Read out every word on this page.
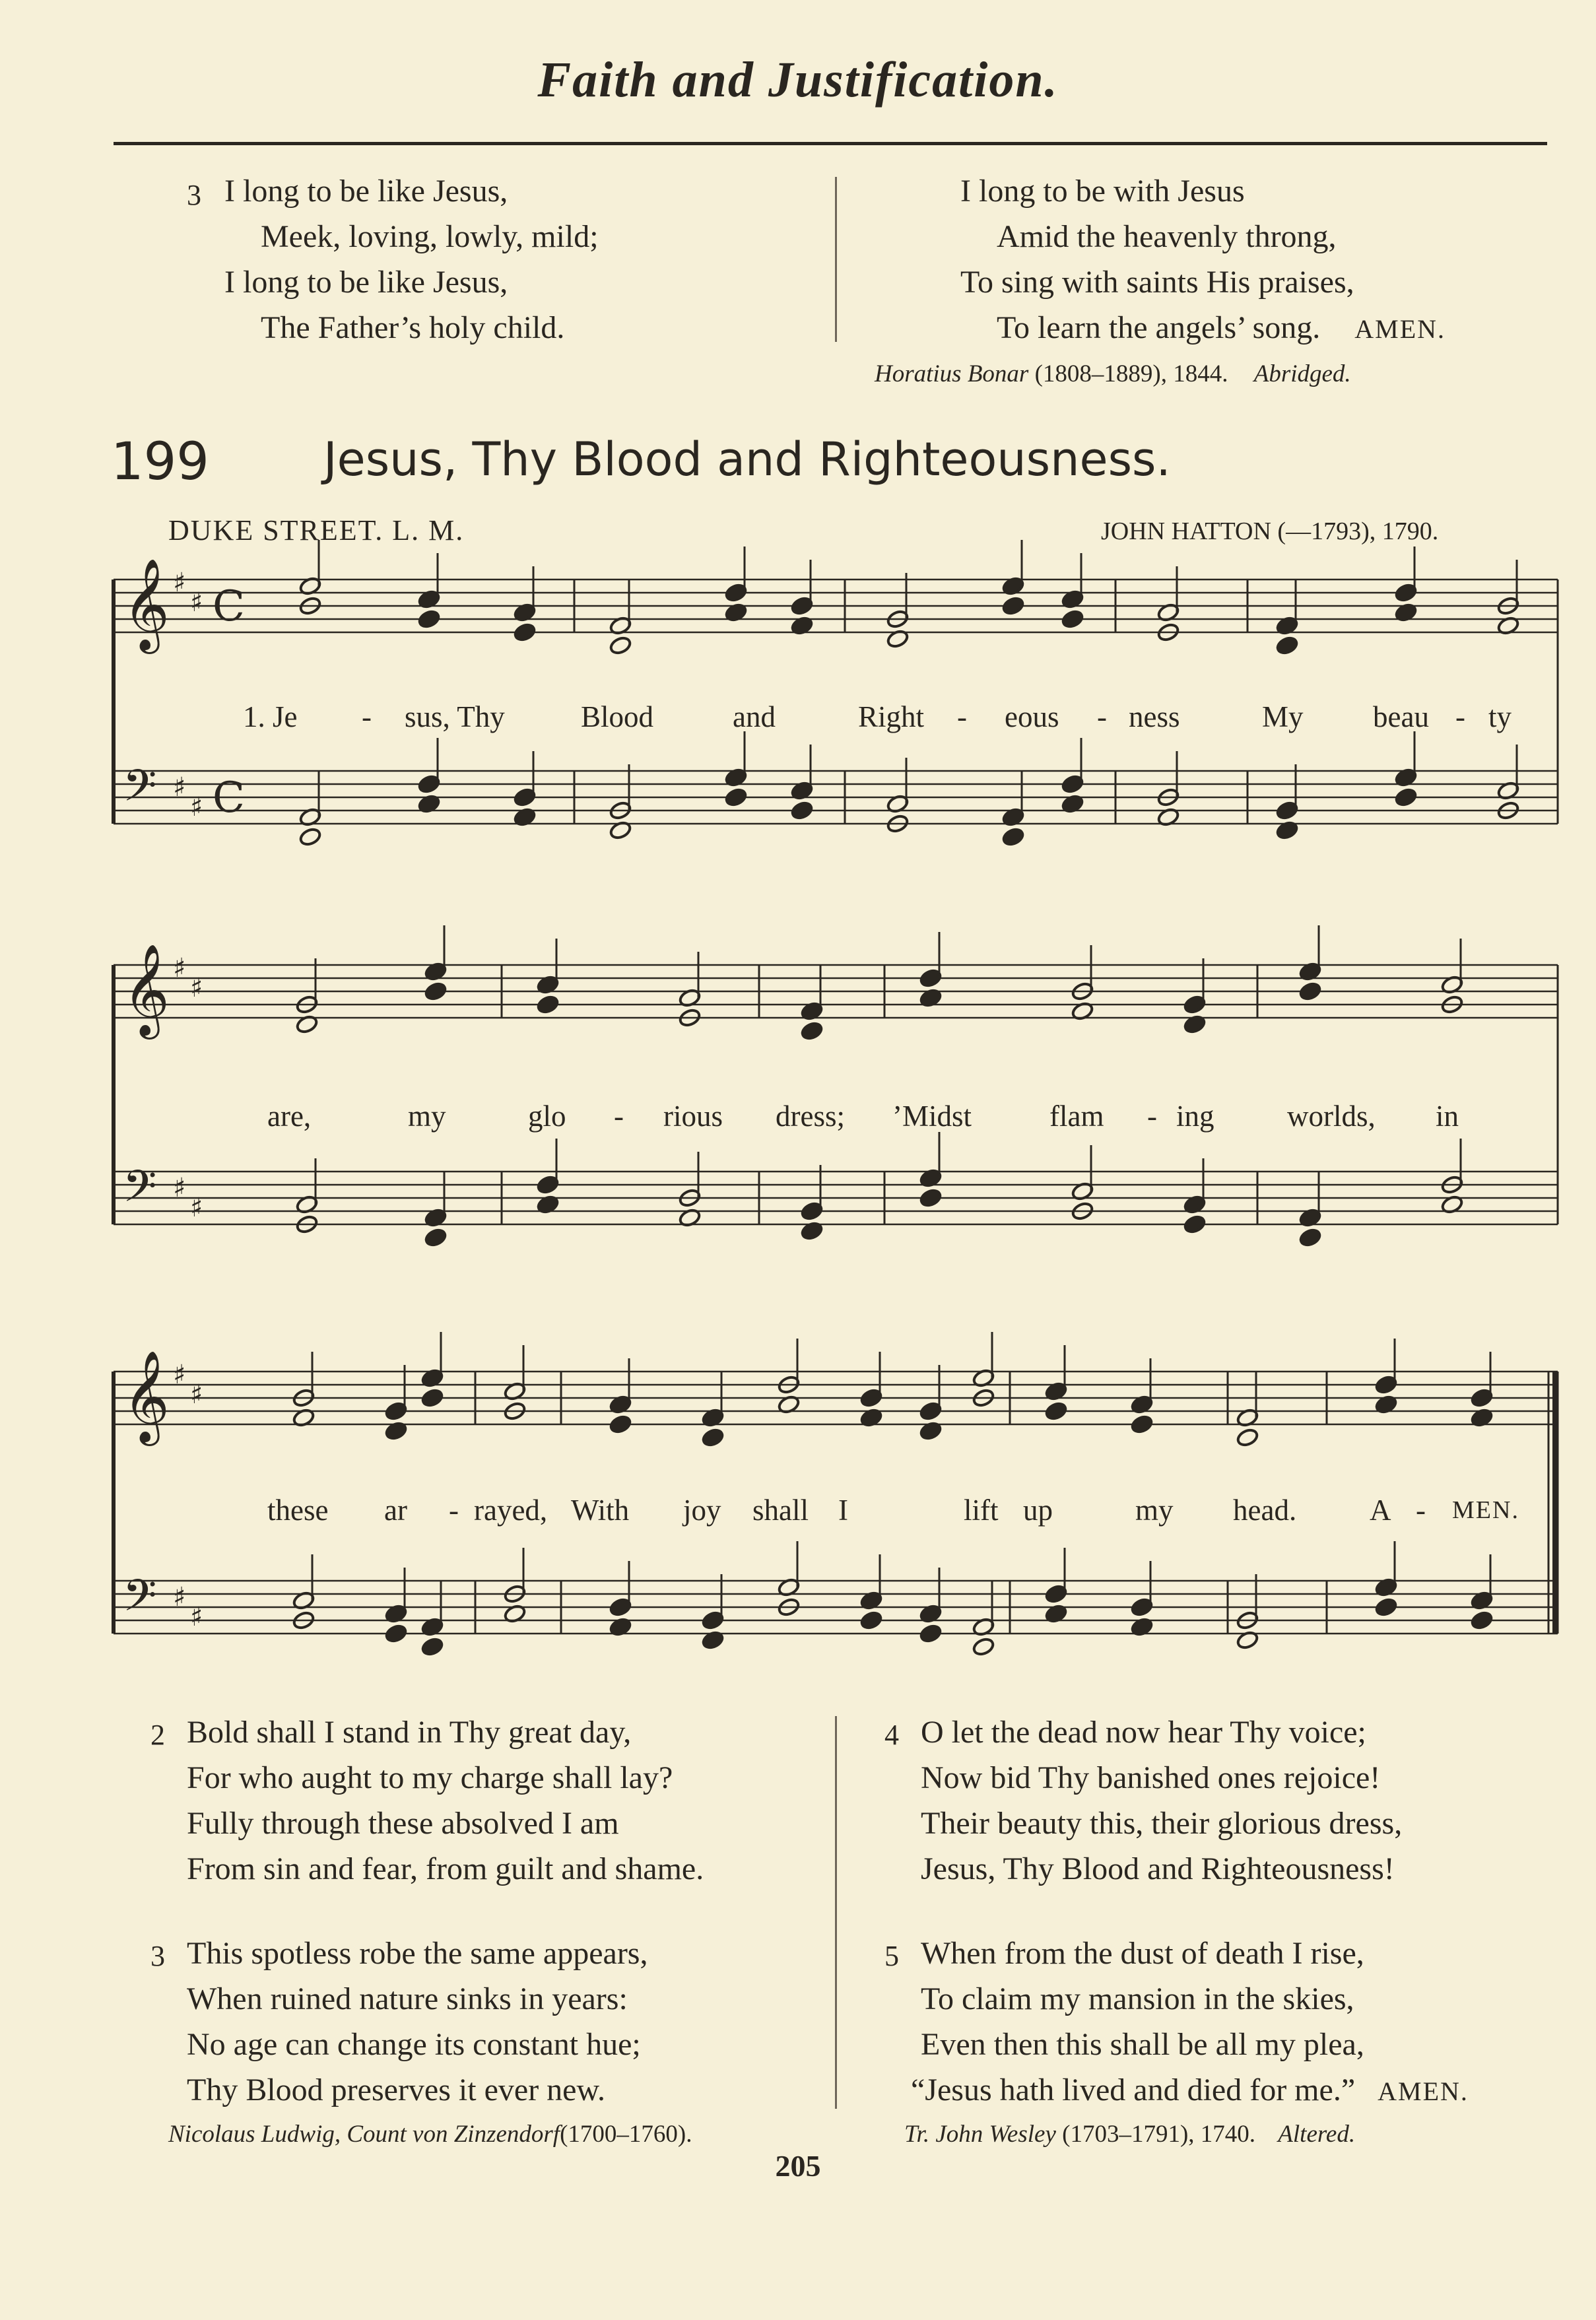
Faith and Justification.
3 I long to be like Jesus,
Meek, loving, lowly, mild;
I long to be like Jesus,
The Father’s holy child.
I long to be with Jesus
Amid the heavenly throng,
To sing with saints His praises,
To learn the angels’ song. AMEN.
Horatius Bonar (1808–1889), 1844. Abridged.
199 Jesus, Thy Blood and Righteousness.
DUKE STREET. L. M.	JOHN HATTON (—1793), 1790.
𝄞 ♯
♯ C
𝄢 ♯
♯ C
𝄞 ♯
♯
𝄢 ♯
♯
𝄞 ♯
♯
𝄢 ♯
♯
1. Je - sus, Thy	Blood	and	Right - eous - ness	My beau - ty
are,	my	glo - rious dress; ’Midst	flam - ing worlds, in
these ar - rayed, With joy shall I	lift up	my head. A - MEN.
2 Bold shall I stand in Thy great day,
For who aught to my charge shall lay?
Fully through these absolved I am
From sin and fear, from guilt and shame.
3 This spotless robe the same appears,
When ruined nature sinks in years:
No age can change its constant hue;
Thy Blood preserves it ever new.
4 O let the dead now hear Thy voice;
Now bid Thy banished ones rejoice!
Their beauty this, their glorious dress,
Jesus, Thy Blood and Righteousness!
5 When from the dust of death I rise,
To claim my mansion in the skies,
Even then this shall be all my plea,
“Jesus hath lived and died for me.” AMEN.
Nicolaus Ludwig, Count von Zinzendorf(1700–1760).	Tr. John Wesley (1703–1791), 1740. Altered.
205
